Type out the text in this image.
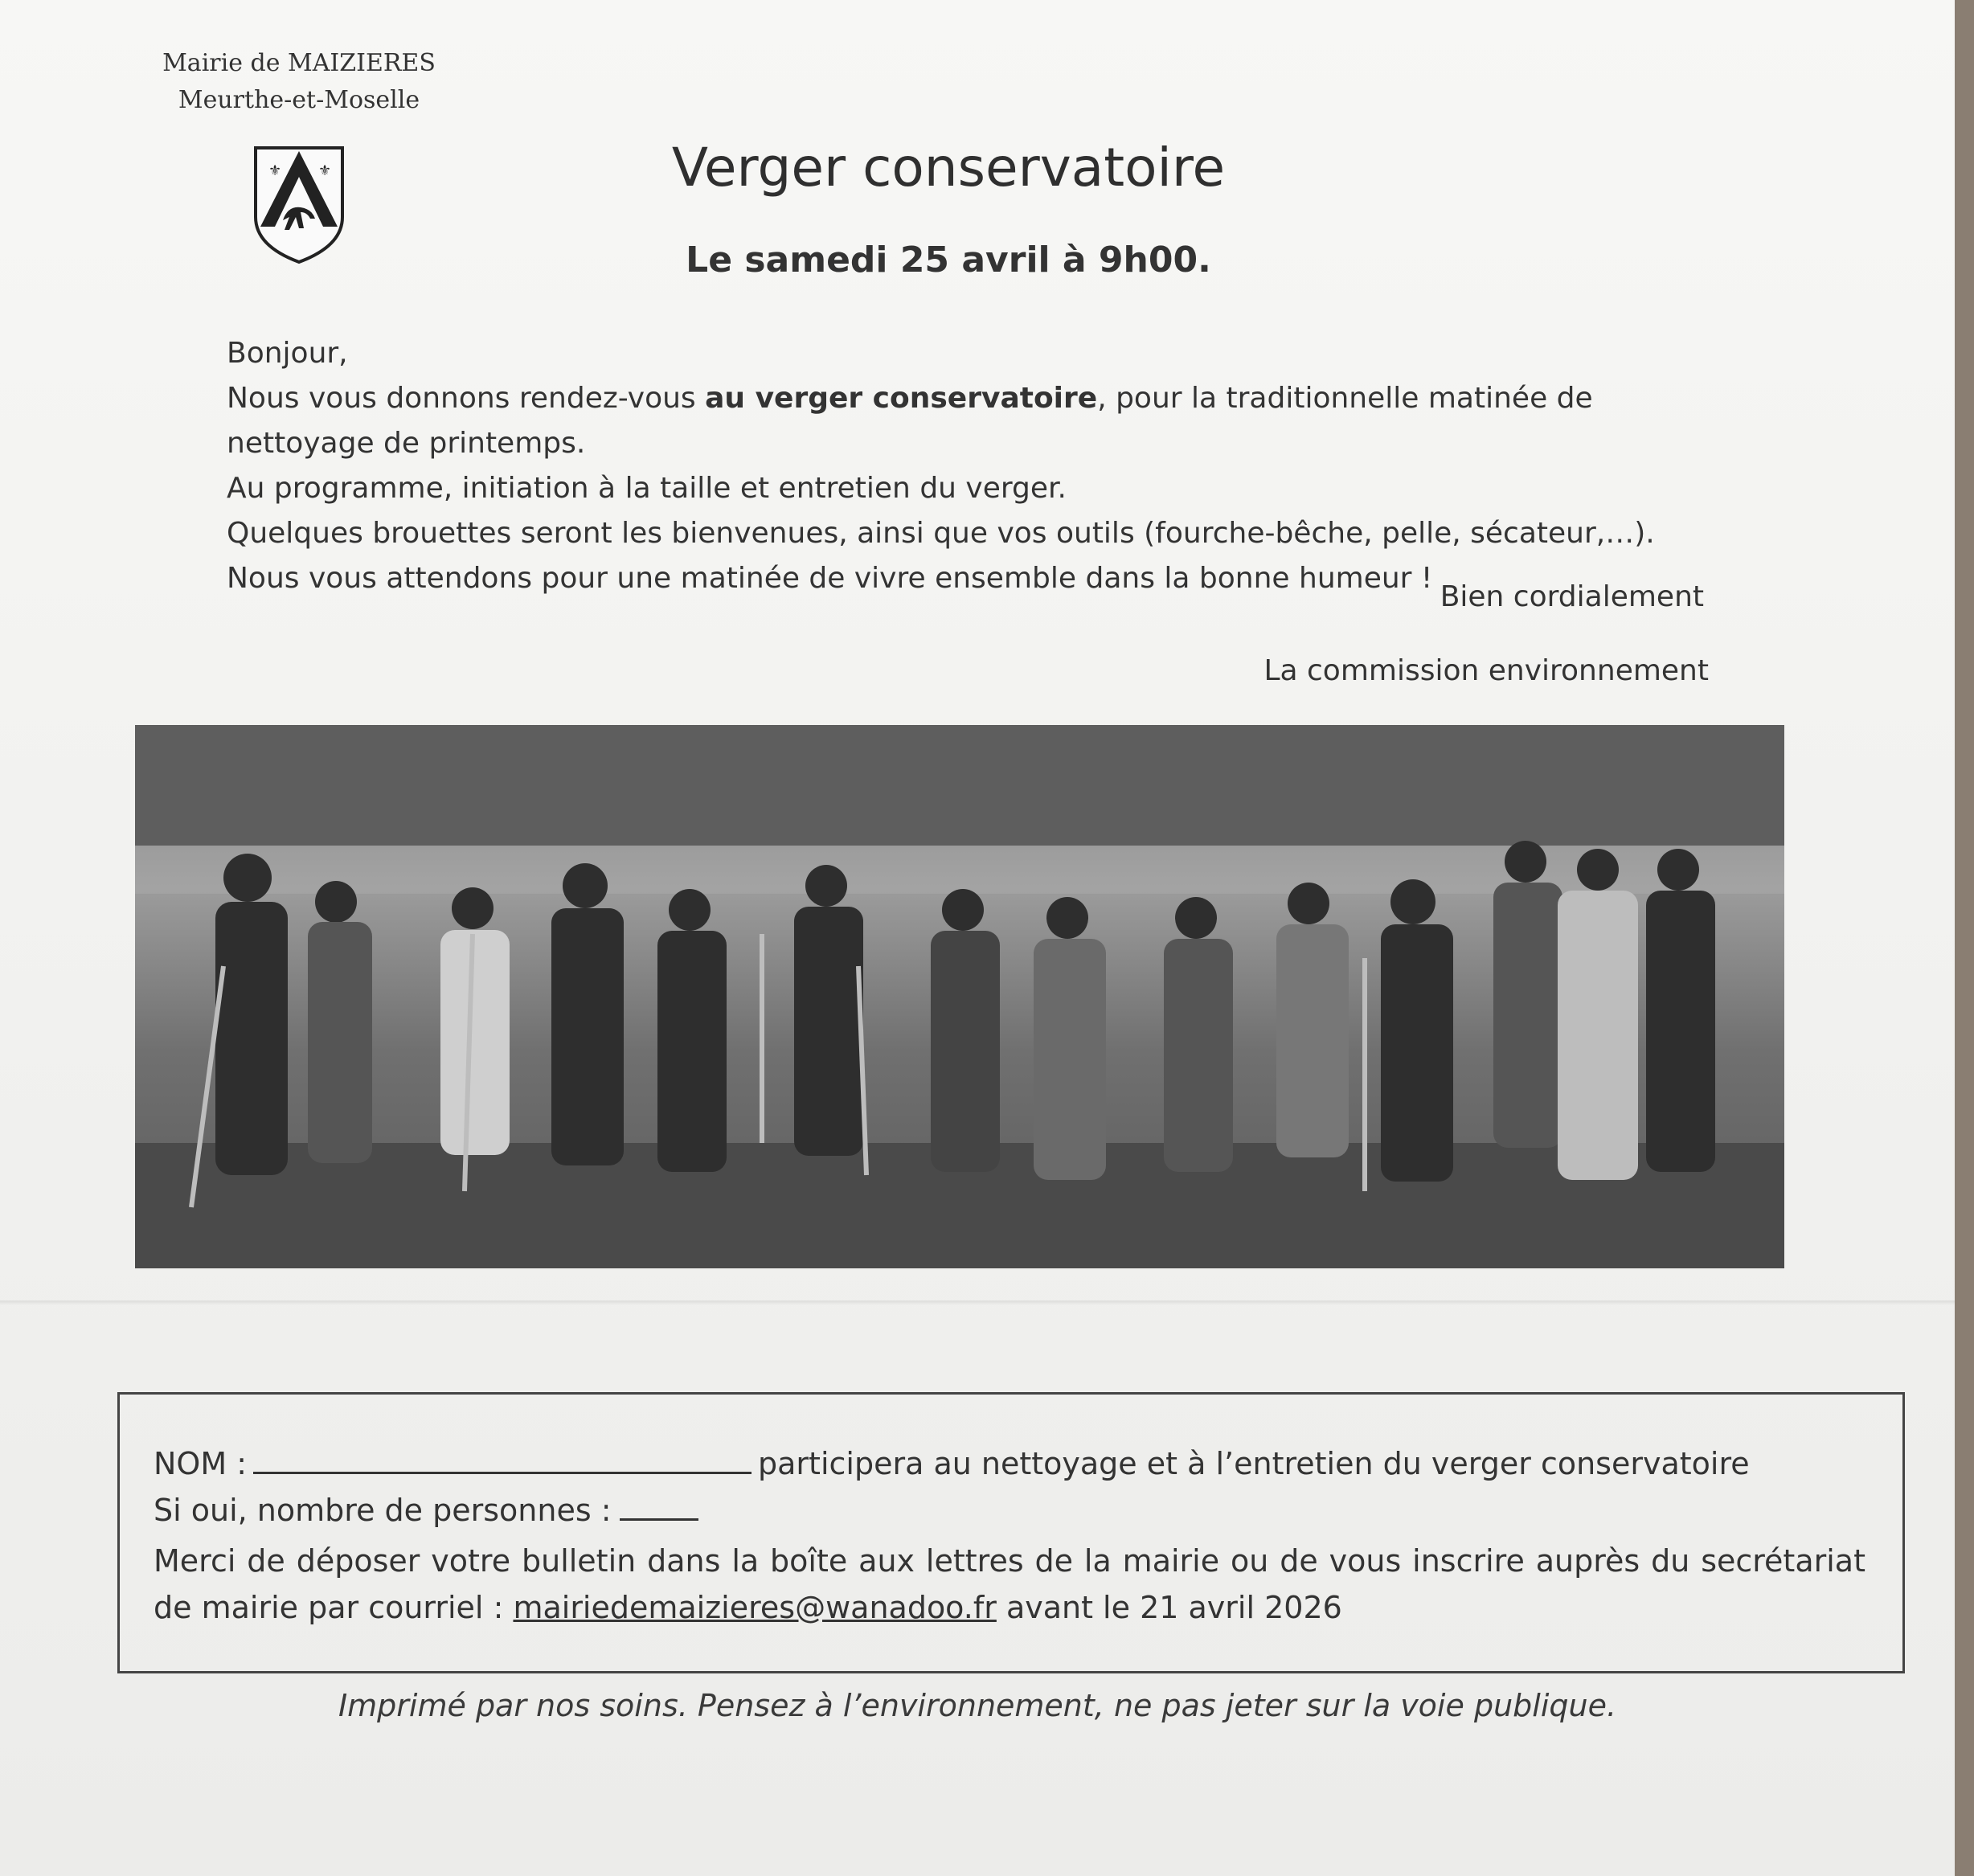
Mairie de MAIZIERES
Meurthe-et-Moselle
⚜	⚜	Verger conservatoire
Le samedi 25 avril à 9h00.

Bonjour,

Nous vous donnons rendez-vous au verger conservatoire, pour la traditionnelle matinée de nettoyage de printemps.

Au programme, initiation à la taille et entretien du verger.

Quelques brouettes seront les bienvenues, ainsi que vos outils (fourche-bêche, pelle, sécateur,…).

Nous vous attendons pour une matinée de vivre ensemble dans la bonne humeur !

Bien cordialement
La commission environnement
NOM :	participera au nettoyage et à l’entretien du verger conservatoire
Si oui, nombre de personnes :
Merci de déposer votre bulletin dans la boîte aux lettres de la mairie ou de vous inscrire auprès du secrétariat de mairie par courriel : mairiedemaizieres@wanadoo.fr avant le 21 avril 2026
Imprimé par nos soins. Pensez à l’environnement, ne pas jeter sur la voie publique.
